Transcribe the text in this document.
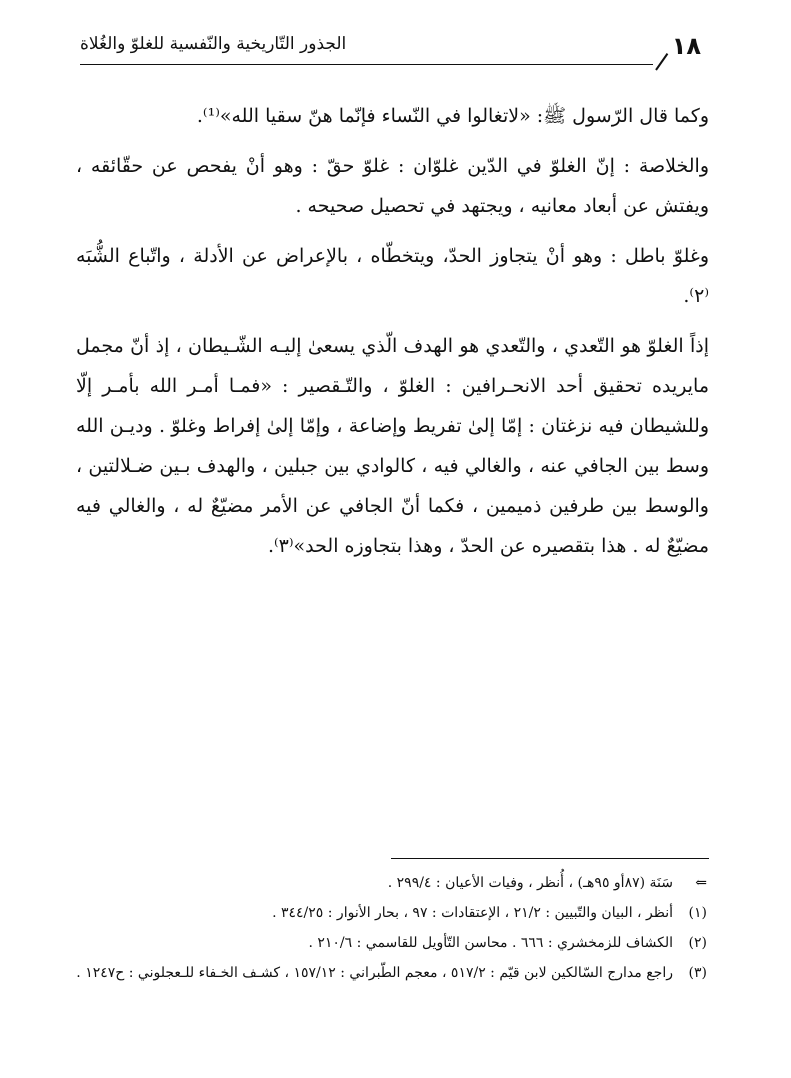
١٨
الجذور التّاريخية والنّفسية للغلوّ والغُلاة

وكما قال الرّسول ﷺ: «لاتغالوا في النّساء فإنّما هنّ سقيا الله»⁽¹⁾.

والخلاصة : إنّ الغلوّ في الدّين غلوّان : غلوّ حقّ : وهو أنْ يفحص عن حقّائقه ، ويفتش عن أبعاد معانيه ، ويجتهد في تحصيل صحيحه .

وغلوّ باطل : وهو أنْ يتجاوز الحدّ، ويتخطّاه ، بالإعراض عن الأدلة ، واتّباع الشُّبَه ⁽٢⁾.

إذاً الغلوّ هو التّعدي ، والتّعدي هو الهدف الّذي يسعىٰ إليـه الشّـيطان ، إذ أنّ مجمل مايريده تحقيق أحد الانحـرافين : الغلوّ ، والتّـقصير : «فمـا أمـر الله بأمـر إلّا وللشيطان فيه نزغتان : إمّا إلىٰ تفريط وإضاعة ، وإمّا إلىٰ إفراط وغلوّ . وديـن الله وسط بين الجافي عنه ، والغالي فيه ، كالوادي بين جبلين ، والهدف بـين ضـلالتين ، والوسط بين طرفين ذميمين ، فكما أنّ الجافي عن الأمر مضيّعٌ له ، والغالي فيه مضيّعٌ له . هذا بتقصيره عن الحدّ ، وهذا بتجاوزه الحد»⁽٣⁾.

⇐
سَنَة (٨٧أو ٩٥هـ) ، أُنظر ، وفيات الأعيان : ٢٩٩/٤ .
(١)
أنظر ، البيان والتّبيين : ٢١/٢ ، الإعتقادات : ٩٧ ، بحار الأنوار : ٣٤٤/٢٥ .
(٢)
الكشاف للزمخشري : ٦٦٦ . محاسن التّأويل للقاسمي : ٢١٠/٦ .
(٣)
راجع مدارج السّالكين لابن قيّم : ٥١٧/٢ ، معجم الطّبراني : ١٥٧/١٢ ، كشـف الخـفاء للـعجلوني : ح١٢٤٧ .
